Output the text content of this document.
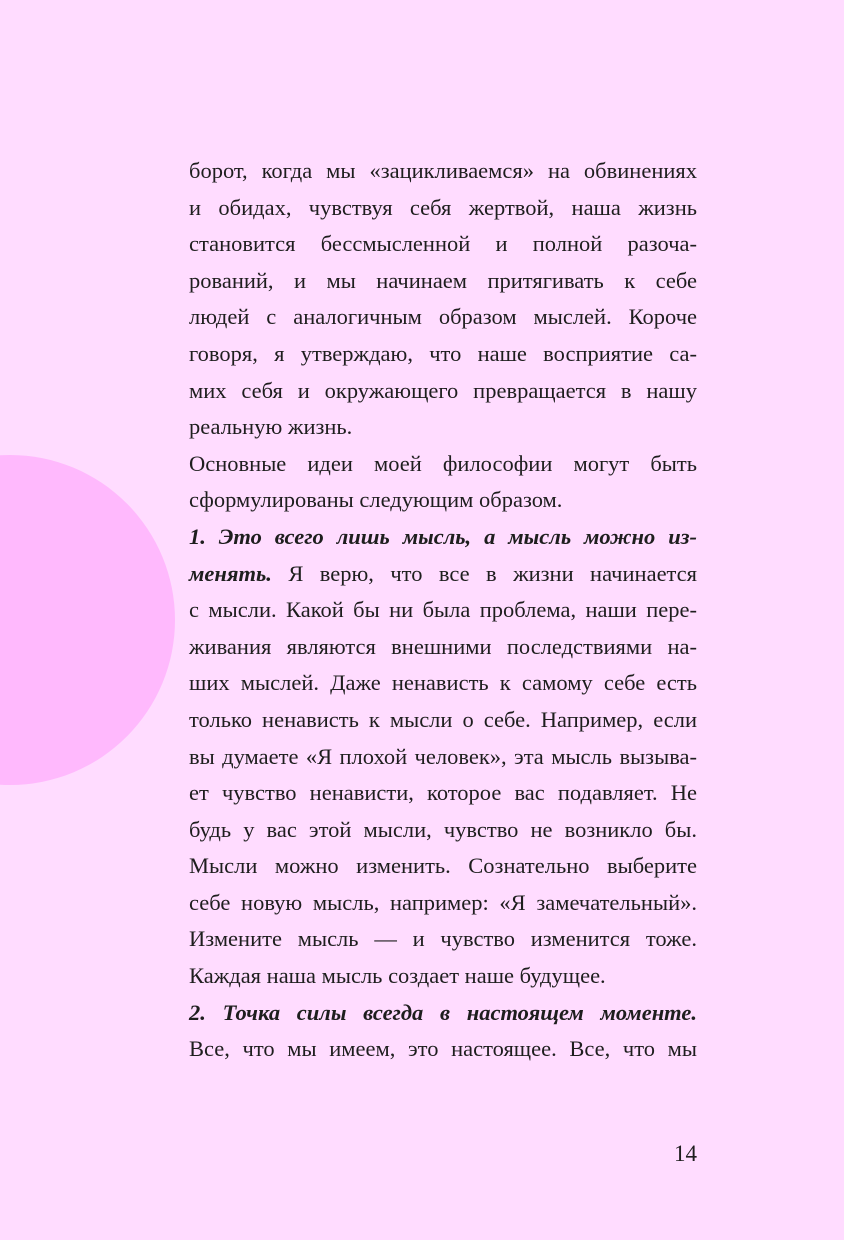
борот, когда мы «зацикливаемся» на обвинениях
и обидах, чувствуя себя жертвой, наша жизнь
становится бессмысленной и полной разоча-
рований, и мы начинаем притягивать к себе
людей с аналогичным образом мыслей. Короче
говоря, я утверждаю, что наше восприятие са-
мих себя и окружающего превращается в нашу
реальную жизнь.
Основные идеи моей философии могут быть
сформулированы следующим образом.
1. Это всего лишь мысль, а мысль можно из-
менять. Я верю, что все в жизни начинается
с мысли. Какой бы ни была проблема, наши пере-
живания являются внешними последствиями на-
ших мыслей. Даже ненависть к самому себе есть
только ненависть к мысли о себе. Например, если
вы думаете «Я плохой человек», эта мысль вызыва-
ет чувство ненависти, которое вас подавляет. Не
будь у вас этой мысли, чувство не возникло бы.
Мысли можно изменить. Сознательно выберите
себе новую мысль, например: «Я замечательный».
Измените мысль — и чувство изменится тоже.
Каждая наша мысль создает наше будущее.
2. Точка силы всегда в настоящем моменте.
Все, что мы имеем, это настоящее. Все, что мы
14
